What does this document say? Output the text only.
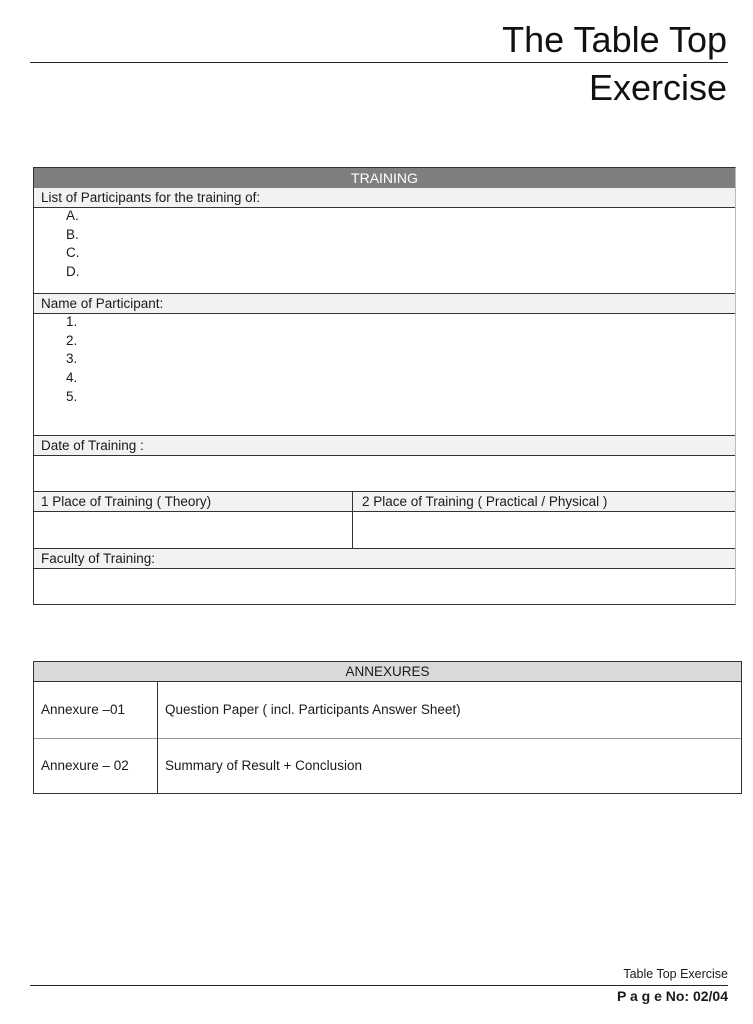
The Table Top
Exercise
TRAINING
List of Participants for the training of:
A.
B.
C.
D.
Name of Participant:
1.
2.
3.
4.
5.
Date of Training :
1 Place of Training ( Theory)	2 Place of Training ( Practical / Physical )
Faculty of Training:
ANNEXURES
Annexure –01	Question Paper ( incl. Participants Answer Sheet)
Annexure – 02	Summary of Result + Conclusion
Table Top Exercise
P a g e No: 02/04
